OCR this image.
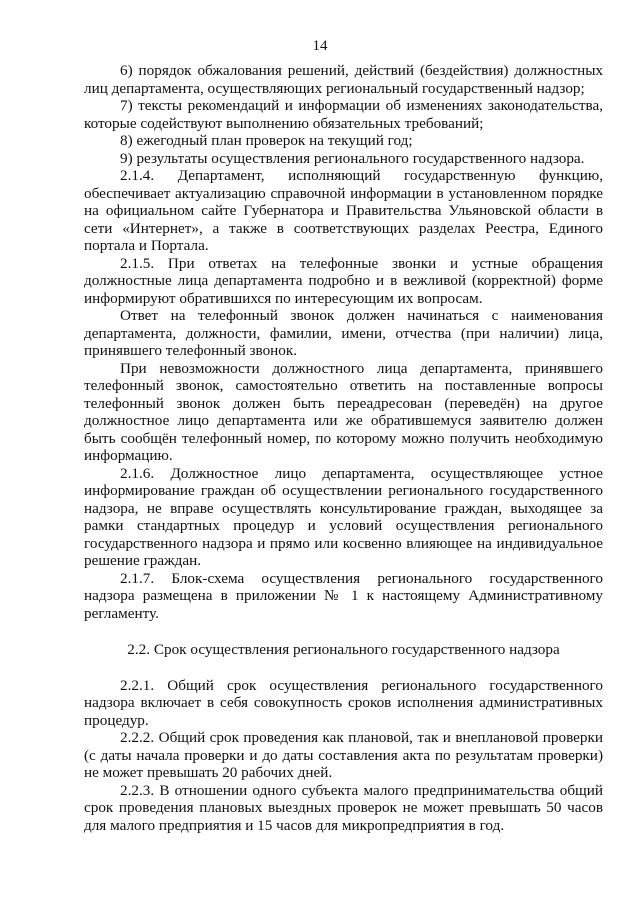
14

6) порядок обжалования решений, действий (бездействия) должностных лиц департамента, осуществляющих региональный государственный надзор;

7) тексты рекомендаций и информации об изменениях законодательства, которые содействуют выполнению обязательных требований;

8) ежегодный план проверок на текущий год;

9) результаты осуществления регионального государственного надзора.

2.1.4. Департамент, исполняющий государственную функцию, обеспечивает актуализацию справочной информации в установленном порядке на официальном сайте Губернатора и Правительства Ульяновской области в сети «Интернет», а также в соответствующих разделах Реестра, Единого портала и Портала.

2.1.5. При ответах на телефонные звонки и устные обращения должностные лица департамента подробно и в вежливой (корректной) форме информируют обратившихся по интересующим их вопросам.

Ответ на телефонный звонок должен начинаться с наименования департамента, должности, фамилии, имени, отчества (при наличии) лица, принявшего телефонный звонок.

При невозможности должностного лица департамента, принявшего телефонный звонок, самостоятельно ответить на поставленные вопросы телефонный звонок должен быть переадресован (переведён) на другое должностное лицо департамента или же обратившемуся заявителю должен быть сообщён телефонный номер, по которому можно получить необходимую информацию.

2.1.6. Должностное лицо департамента, осуществляющее устное информирование граждан об осуществлении регионального государственного надзора, не вправе осуществлять консультирование граждан, выходящее за рамки стандартных процедур и условий осуществления регионального государственного надзора и прямо или косвенно влияющее на индивидуальное решение граждан.

2.1.7. Блок-схема осуществления регионального государственного надзора размещена в приложении № 1 к настоящему Административному регламенту.

2.2. Срок осуществления регионального государственного надзора

2.2.1. Общий срок осуществления регионального государственного надзора включает в себя совокупность сроков исполнения административных процедур.

2.2.2. Общий срок проведения как плановой, так и внеплановой проверки (с даты начала проверки и до даты составления акта по результатам проверки) не может превышать 20 рабочих дней.

2.2.3. В отношении одного субъекта малого предпринимательства общий срок проведения плановых выездных проверок не может превышать 50 часов для малого предприятия и 15 часов для микропредприятия в год.
